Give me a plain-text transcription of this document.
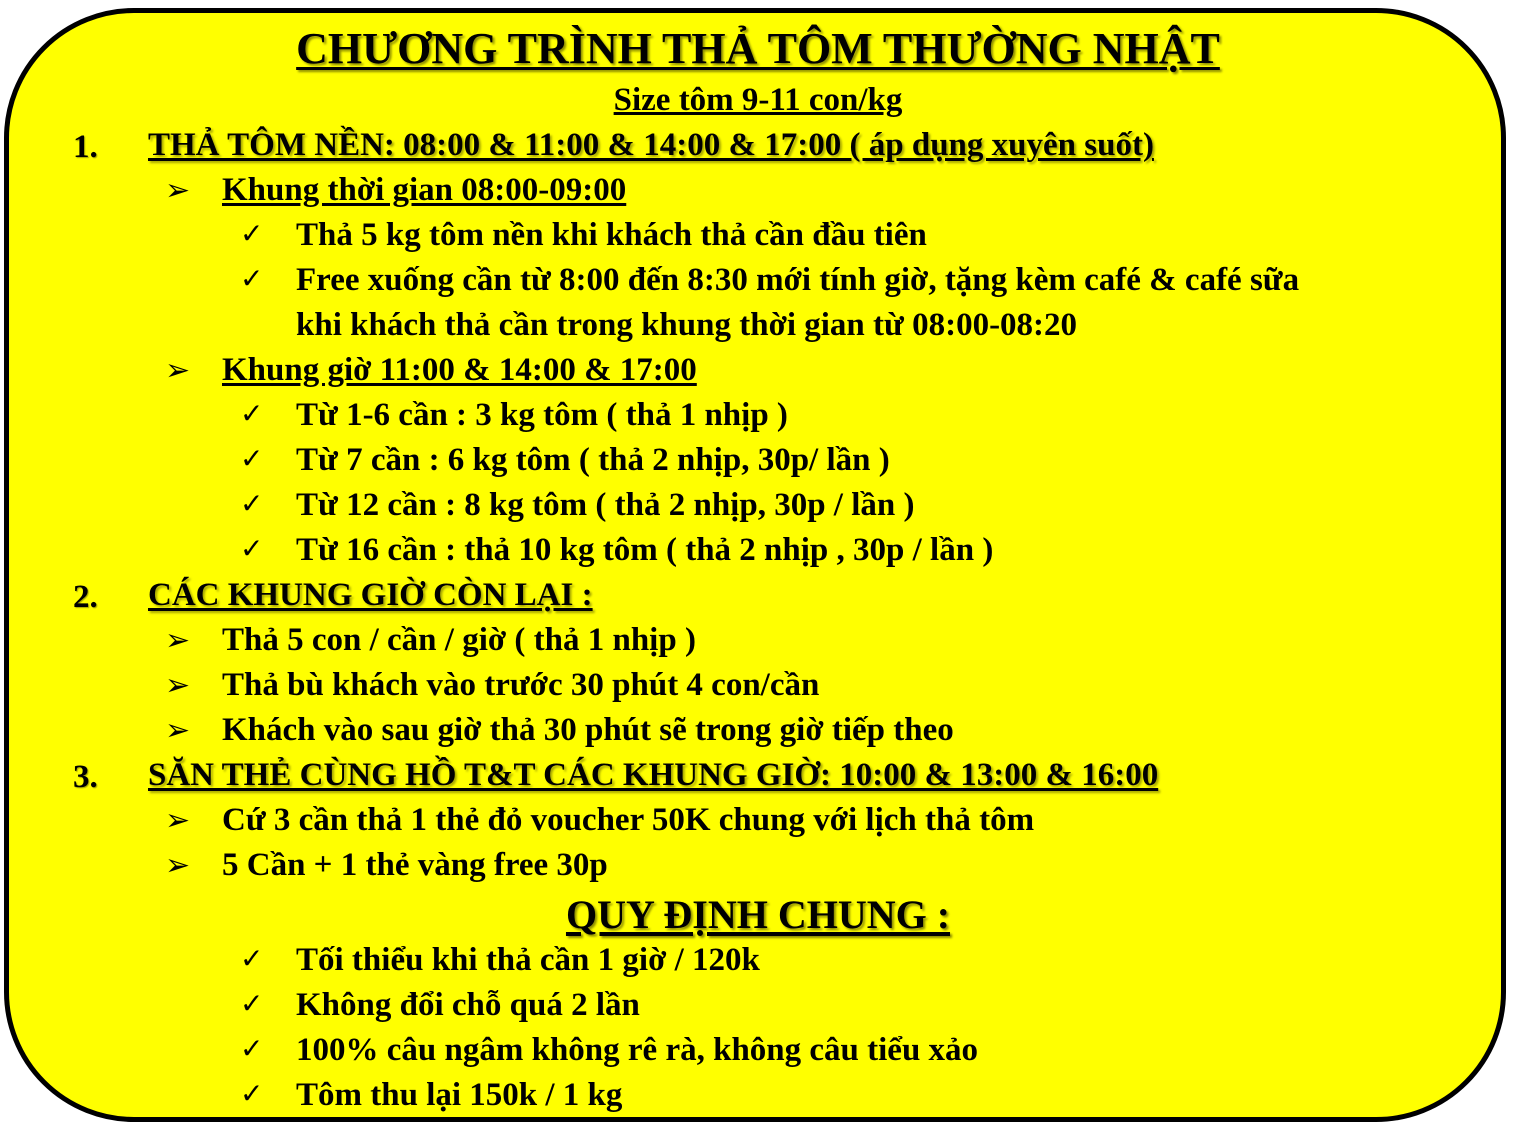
CHƯƠNG TRÌNH THẢ TÔM THƯỜNG NHẬT
Size tôm 9-11 con/kg
1. THẢ TÔM NỀN: 08:00 & 11:00 & 14:00 & 17:00 ( áp dụng xuyên suốt)
➢ Khung thời gian 08:00-09:00
✓ Thả 5 kg tôm nền khi khách thả cần đầu tiên
✓ Free xuống cần từ 8:00 đến 8:30 mới tính giờ, tặng kèm café & café sữa
khi khách thả cần trong khung thời gian từ 08:00-08:20
➢ Khung giờ 11:00 & 14:00 & 17:00
✓ Từ 1-6 cần : 3 kg tôm ( thả 1 nhịp )
✓ Từ 7 cần : 6 kg tôm ( thả 2 nhịp, 30p/ lần )
✓ Từ 12 cần : 8 kg tôm ( thả 2 nhịp, 30p / lần )
✓ Từ 16 cần : thả 10 kg tôm ( thả 2 nhịp , 30p / lần )
2. CÁC KHUNG GIỜ CÒN LẠI :
➢ Thả 5 con / cần / giờ ( thả 1 nhịp )
➢ Thả bù khách vào trước 30 phút 4 con/cần
➢ Khách vào sau giờ thả 30 phút sẽ trong giờ tiếp theo
3. SĂN THẺ CÙNG HỒ T&T CÁC KHUNG GIỜ: 10:00 & 13:00 & 16:00
➢ Cứ 3 cần thả 1 thẻ đỏ voucher 50K chung với lịch thả tôm
➢ 5 Cần + 1 thẻ vàng free 30p
QUY ĐỊNH CHUNG :
✓ Tối thiểu khi thả cần 1 giờ / 120k
✓ Không đổi chỗ quá 2 lần
✓ 100% câu ngâm không rê rà, không câu tiểu xảo
✓ Tôm thu lại 150k / 1 kg
